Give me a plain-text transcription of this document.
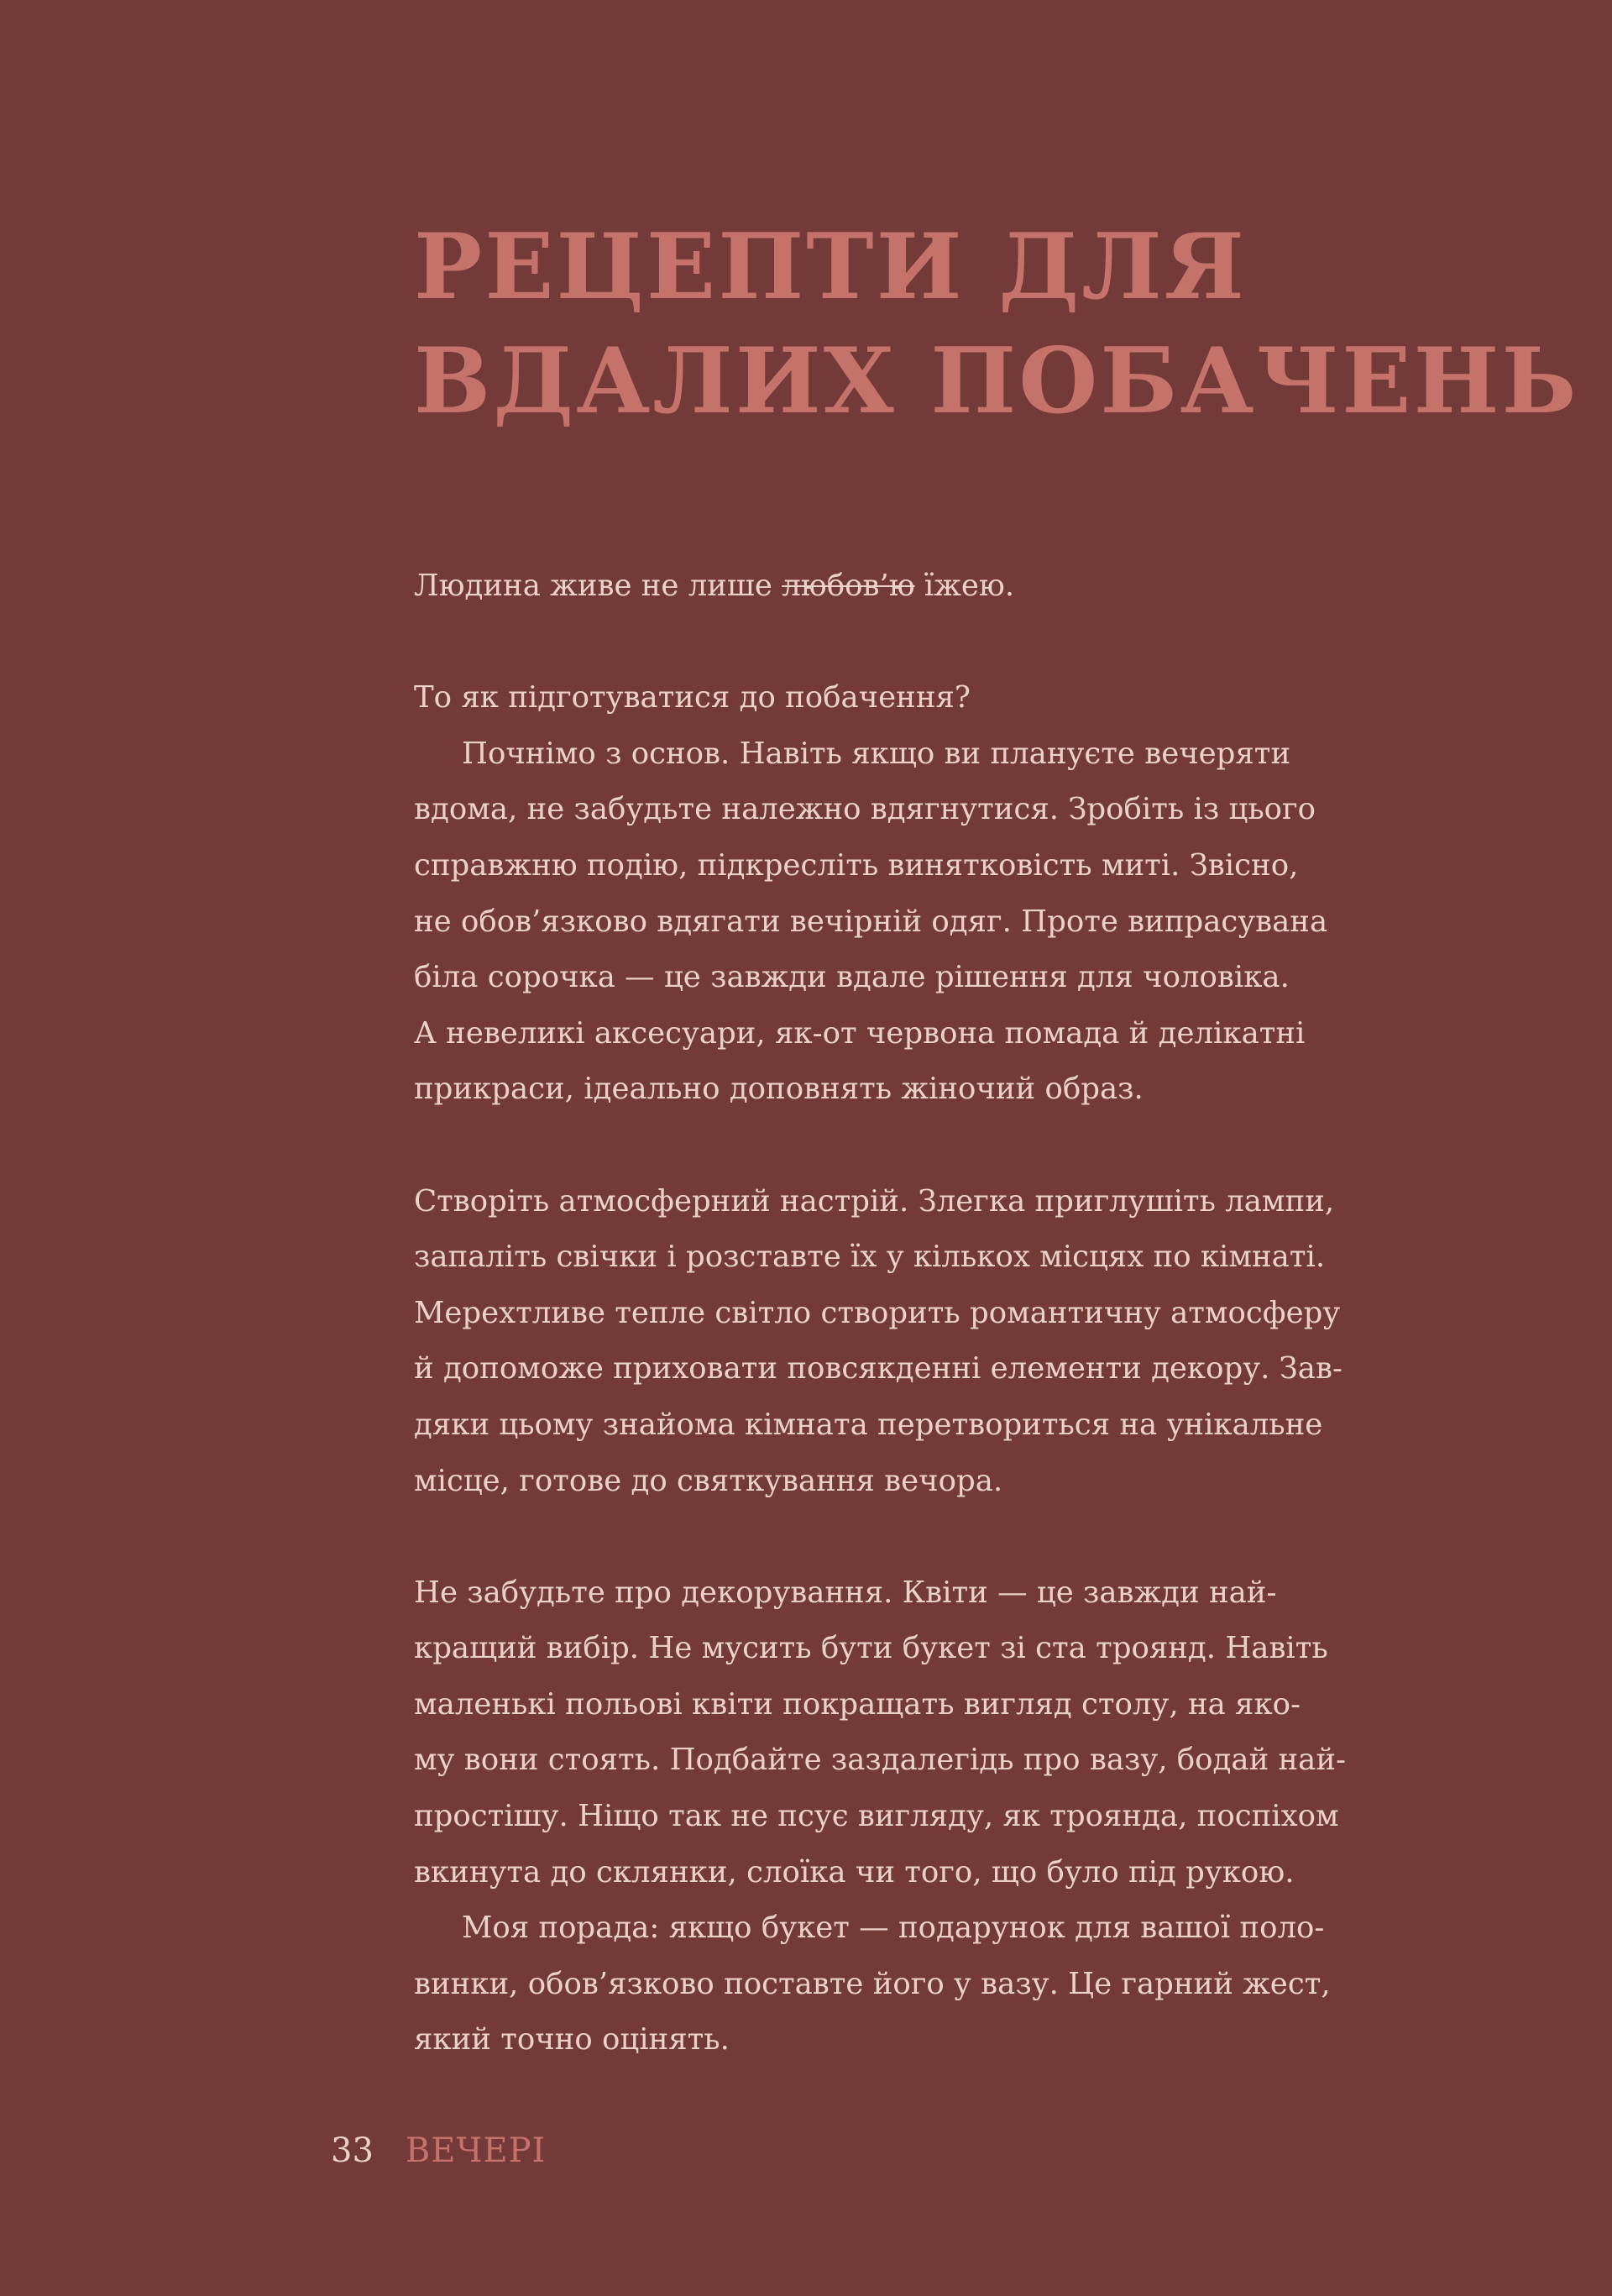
РЕЦЕПТИ ДЛЯ
ВДАЛИХ ПОБАЧЕНЬ
Людина живе не лише любов’ю їжею.
То як підготуватися до побачення?
Почнімо з основ. Навіть якщо ви плануєте вечеряти
вдома, не забудьте належно вдягнутися. Зробіть із цього
справжню подію, підкресліть винятковість миті. Звісно,
не обов’язково вдягати вечірній одяг. Проте випрасувана
біла сорочка — це завжди вдале рішення для чоловіка.
А невеликі аксесуари, як-от червона помада й делікатні
прикраси, ідеально доповнять жіночий образ.
Створіть атмосферний настрій. Злегка приглушіть лампи,
запаліть свічки і розставте їх у кількох місцях по кімнаті.
Мерехтливе тепле світло створить романтичну атмосферу
й допоможе приховати повсякденні елементи декору. Зав-
дяки цьому знайома кімната перетвориться на унікальне
місце, готове до святкування вечора.
Не забудьте про декорування. Квіти — це завжди най-
кращий вибір. Не мусить бути букет зі ста троянд. Навіть
маленькі польові квіти покращать вигляд столу, на яко-
му вони стоять. Подбайте заздалегідь про вазу, бодай най-
простішу. Ніщо так не псує вигляду, як троянда, поспіхом
вкинута до склянки, слоїка чи того, що було під рукою.
Моя порада: якщо букет — подарунок для вашої поло-
винки, обов’язково поставте його у вазу. Це гарний жест,
який точно оцінять.
33 ВЕЧЕРІ
